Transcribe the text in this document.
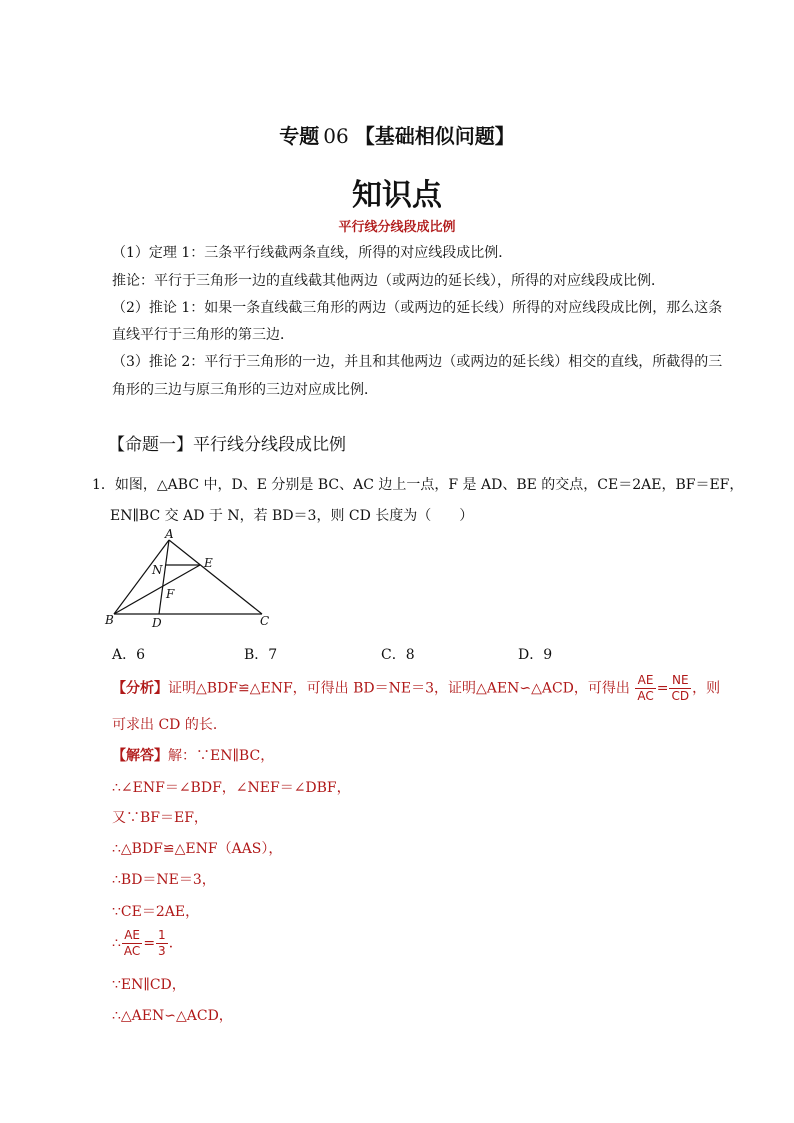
专题 06 【基础相似问题】
知识点
平行线分线段成比例
（1）定理 1：三条平行线截两条直线，所得的对应线段成比例．
推论：平行于三角形一边的直线截其他两边（或两边的延长线），所得的对应线段成比例．
（2）推论 1：如果一条直线截三角形的两边（或两边的延长线）所得的对应线段成比例，那么这条
直线平行于三角形的第三边．
（3）推论 2：平行于三角形的一边，并且和其他两边（或两边的延长线）相交的直线，所截得的三
角形的三边与原三角形的三边对应成比例．
【命题一】平行线分线段成比例
1．如图，△ABC 中，D、E 分别是 BC、AC 边上一点，F 是 AD、BE 的交点，CE＝2AE，BF＝EF，
EN∥BC 交 AD 于 N，若 BD＝3，则 CD 长度为（　　）
A
B	C
D
E
F
N
A．6	B．7	C．8	D．9
【分析】证明△BDF≌△ENF，可得出 BD＝NE＝3，证明△AEN∽△ACD，可得出 $\frac{AE}{AC} = \frac{NE}{CD}$ ，则
可求出 CD 的长．
【解答】解：∵EN∥BC，
∴∠ENF＝∠BDF，∠NEF＝∠DBF，
又∵BF＝EF，
∴△BDF≌△ENF（AAS），
∴BD＝NE＝3，
∵CE＝2AE，
∴ $\frac{AE}{AC} = \frac{1}{3}$ ．
∵EN∥CD，
∴△AEN∽△ACD，
